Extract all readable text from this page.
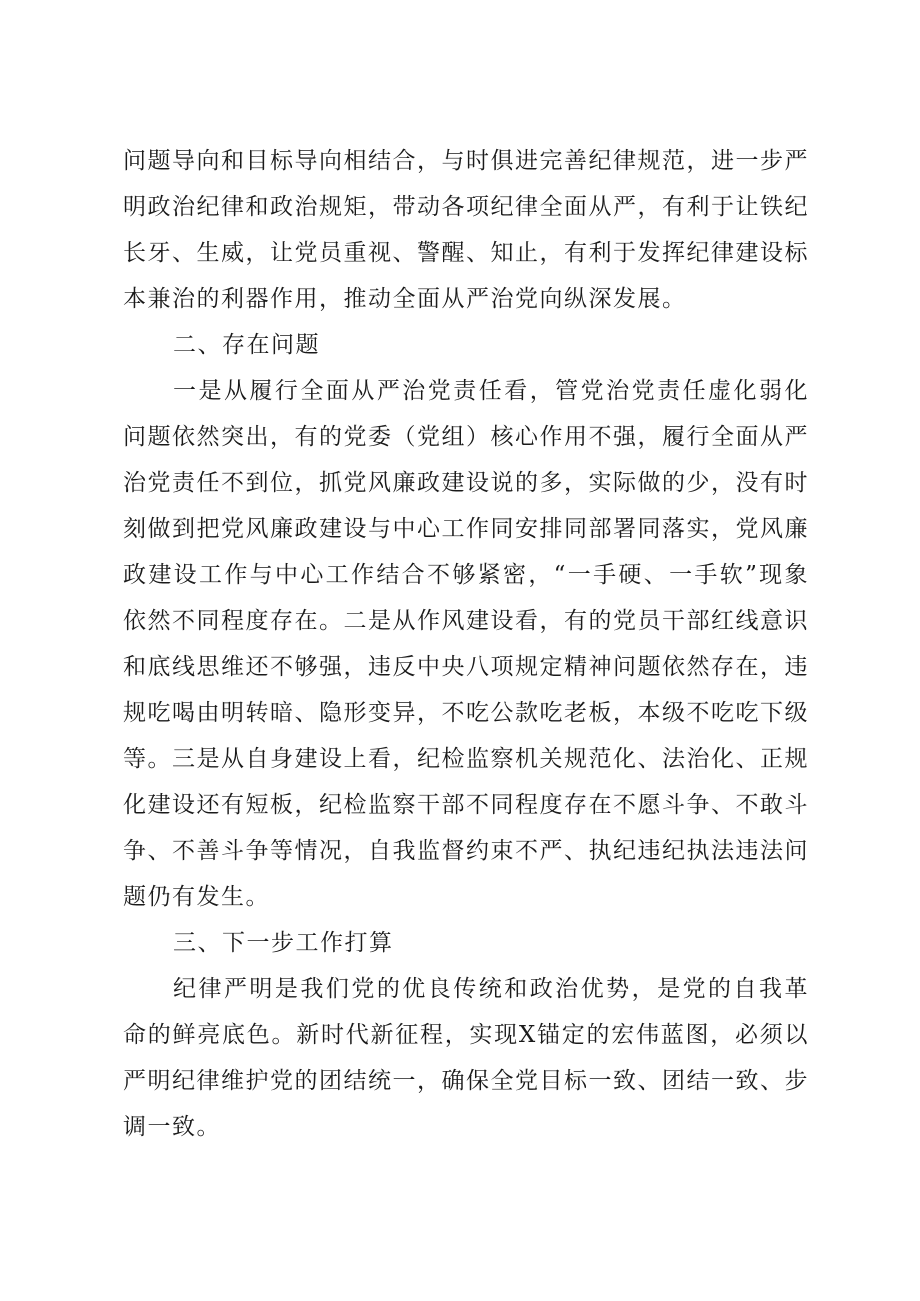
问题导向和目标导向相结合，与时俱进完善纪律规范，进一步严明政治纪律和政治规矩，带动各项纪律全面从严，有利于让铁纪长牙、生威，让党员重视、警醒、知止，有利于发挥纪律建设标本兼治的利器作用，推动全面从严治党向纵深发展。

二、存在问题

一是从履行全面从严治党责任看，管党治党责任虚化弱化问题依然突出，有的党委（党组）核心作用不强，履行全面从严治党责任不到位，抓党风廉政建设说的多，实际做的少，没有时刻做到把党风廉政建设与中心工作同安排同部署同落实，党风廉政建设工作与中心工作结合不够紧密，“一手硬、一手软”现象依然不同程度存在。二是从作风建设看，有的党员干部红线意识和底线思维还不够强，违反中央八项规定精神问题依然存在，违规吃喝由明转暗、隐形变异，不吃公款吃老板，本级不吃吃下级等。三是从自身建设上看，纪检监察机关规范化、法治化、正规化建设还有短板，纪检监察干部不同程度存在不愿斗争、不敢斗争、不善斗争等情况，自我监督约束不严、执纪违纪执法违法问题仍有发生。

三、下一步工作打算

纪律严明是我们党的优良传统和政治优势，是党的自我革命的鲜亮底色。新时代新征程，实现X锚定的宏伟蓝图，必须以严明纪律维护党的团结统一，确保全党目标一致、团结一致、步调一致。
